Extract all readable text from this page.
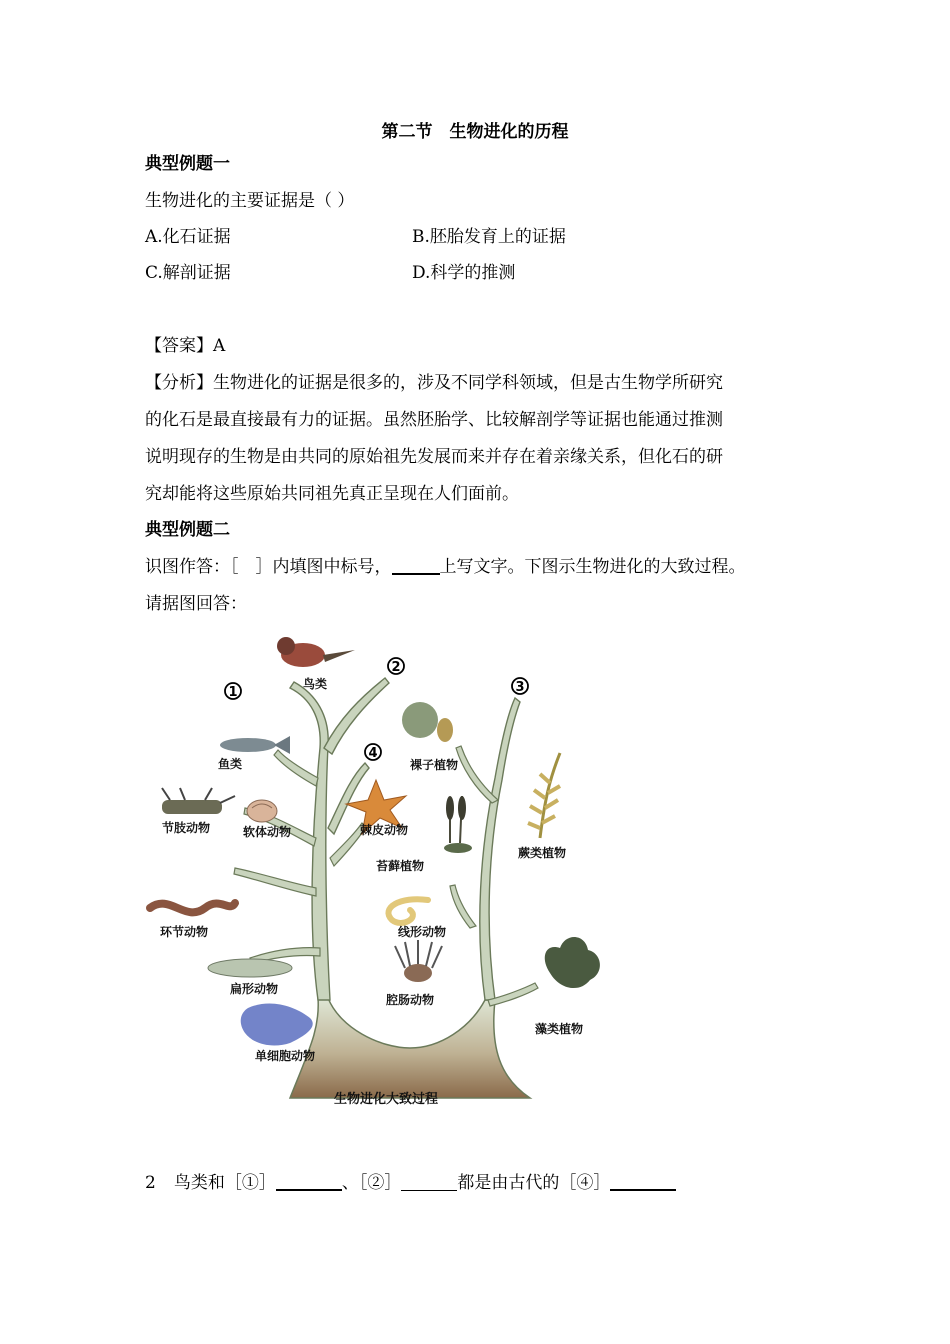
第二节　生物进化的历程
典型例题一
生物进化的主要证据是（ ）
A.化石证据	B.胚胎发育上的证据
C.解剖证据	D.科学的推测
【答案】A
【分析】生物进化的证据是很多的，涉及不同学科领域，但是古生物学所研究
的化石是最直接最有力的证据。虽然胚胎学、比较解剖学等证据也能通过推测
说明现存的生物是由共同的原始祖先发展而来并存在着亲缘关系，但化石的研
究却能将这些原始共同祖先真正呈现在人们面前。
典型例题二
识图作答：［　］内填图中标号，	上写文字。下图示生物进化的大致过程。
请据图回答：
1
2
3
4
鸟类
鱼类
节肢动物	软体动物	棘皮动物
苔藓植物
环节动物	线形动物
扁形动物
腔肠动物
单细胞动物
裸子植物
蕨类植物
藻类植物
生物进化大致过程
2 鸟类和［①］	、［②］	都是由古代的［④］
